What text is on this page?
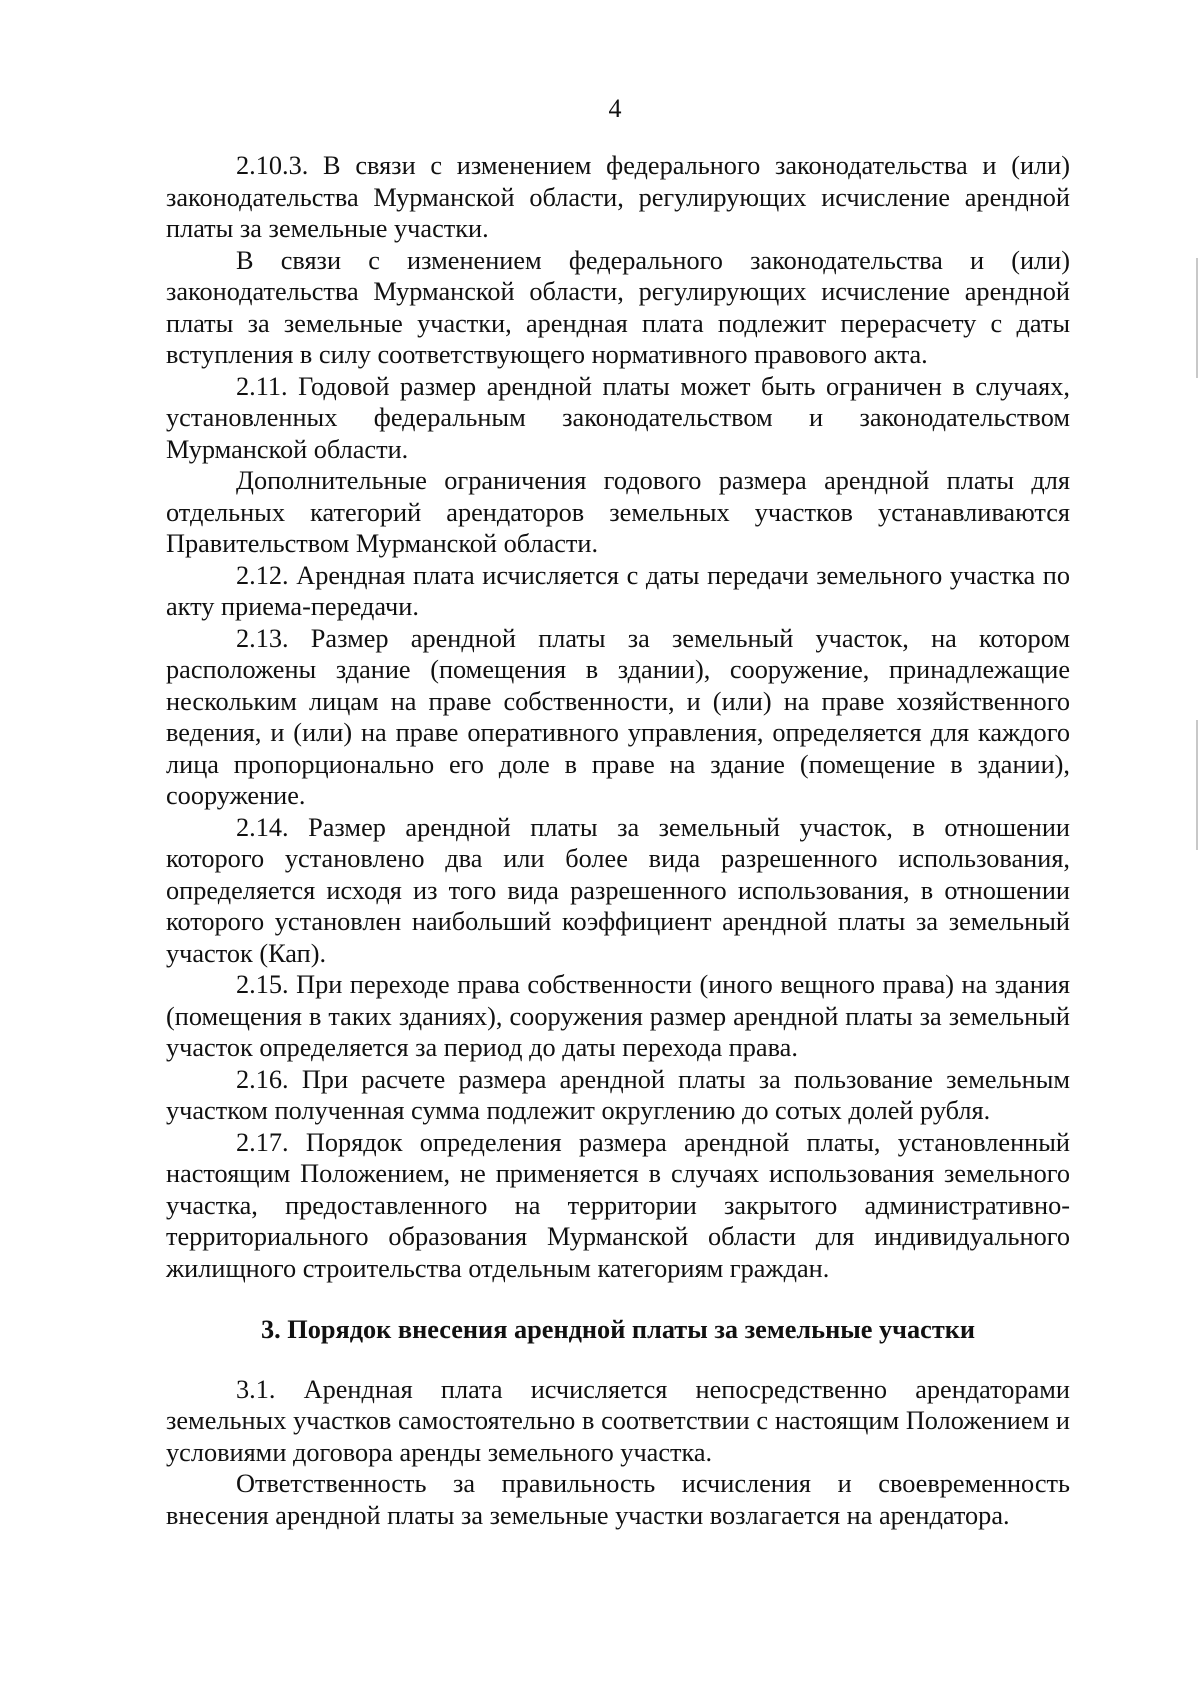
4

2.10.3. В связи с изменением федерального законодательства и (или) законодательства Мурманской области, регулирующих исчисление арендной платы за земельные участки.

В связи с изменением федерального законодательства и (или) законодательства Мурманской области, регулирующих исчисление арендной платы за земельные участки, арендная плата подлежит перерасчету с даты вступления в силу соответствующего нормативного правового акта.

2.11. Годовой размер арендной платы может быть ограничен в случаях, установленных федеральным законодательством и законодательством Мурманской области.

Дополнительные ограничения годового размера арендной платы для отдельных категорий арендаторов земельных участков устанавливаются Правительством Мурманской области.

2.12. Арендная плата исчисляется с даты передачи земельного участка по акту приема-передачи.

2.13. Размер арендной платы за земельный участок, на котором расположены здание (помещения в здании), сооружение, принадлежащие нескольким лицам на праве собственности, и (или) на праве хозяйственного ведения, и (или) на праве оперативного управления, определяется для каждого лица пропорционально его доле в праве на здание (помещение в здании), сооружение.

2.14. Размер арендной платы за земельный участок, в отношении которого установлено два или более вида разрешенного использования, определяется исходя из того вида разрешенного использования, в отношении которого установлен наибольший коэффициент арендной платы за земельный участок (Кап).

2.15. При переходе права собственности (иного вещного права) на здания (помещения в таких зданиях), сооружения размер арендной платы за земельный участок определяется за период до даты перехода права.

2.16. При расчете размера арендной платы за пользование земельным участком полученная сумма подлежит округлению до сотых долей рубля.

2.17. Порядок определения размера арендной платы, установленный настоящим Положением, не применяется в случаях использования земельного участка, предоставленного на территории закрытого административно-территориального образования Мурманской области для индивидуального жилищного строительства отдельным категориям граждан.

3. Порядок внесения арендной платы за земельные участки

3.1. Арендная плата исчисляется непосредственно арендаторами земельных участков самостоятельно в соответствии с настоящим Положением и условиями договора аренды земельного участка.

Ответственность за правильность исчисления и своевременность внесения арендной платы за земельные участки возлагается на арендатора.
